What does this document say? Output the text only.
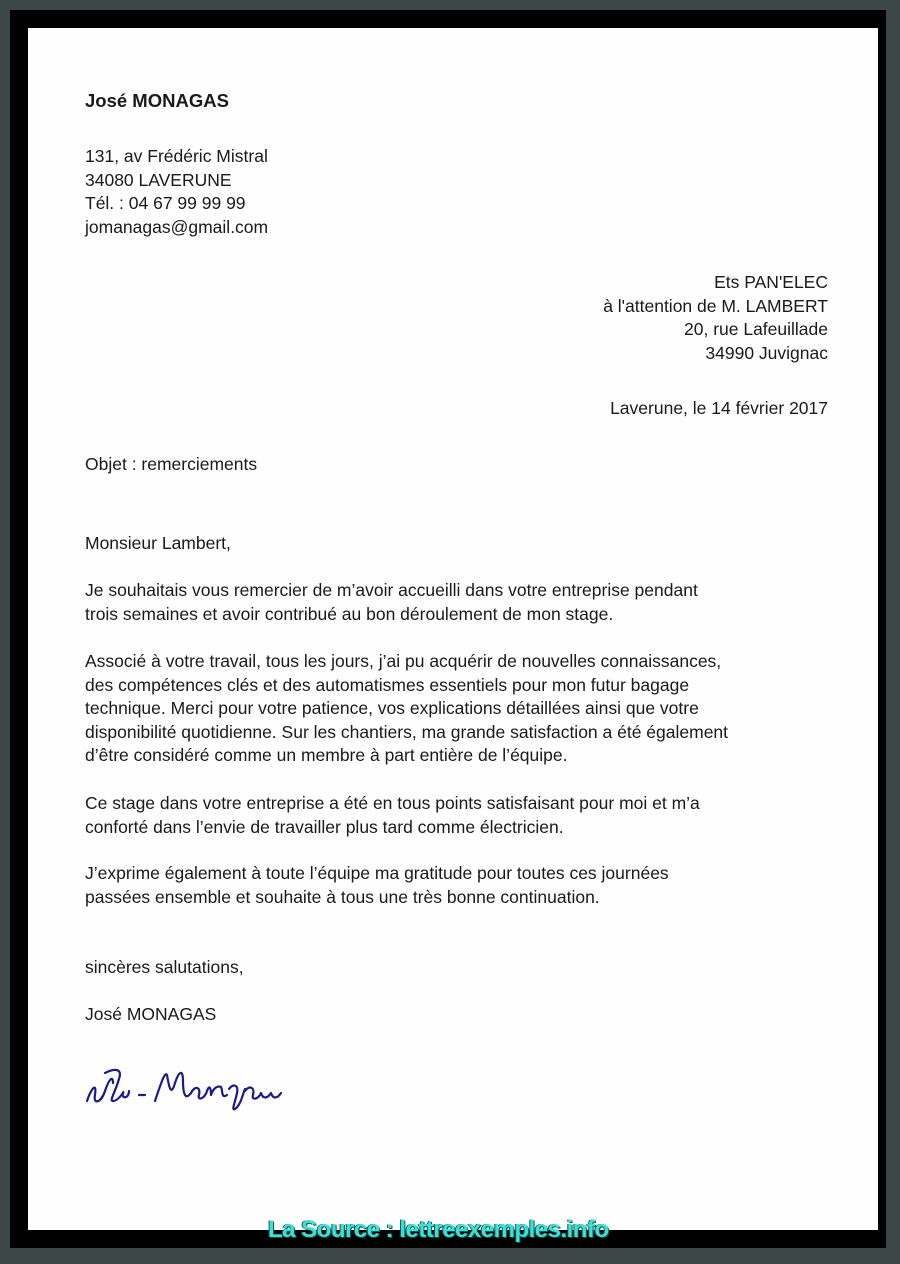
José MONAGAS
131, av Frédéric Mistral
34080 LAVERUNE
Tél. : 04 67 99 99 99
jomanagas@gmail.com
Ets PAN'ELEC
à l'attention de M. LAMBERT
20, rue Lafeuillade
34990 Juvignac
Laverune, le 14 février 2017
Objet : remerciements
Monsieur Lambert,
Je souhaitais vous remercier de m’avoir accueilli dans votre entreprise pendant
trois semaines et avoir contribué au bon déroulement de mon stage.
Associé à votre travail, tous les jours, j’ai pu acquérir de nouvelles connaissances,
des compétences clés et des automatismes essentiels pour mon futur bagage
technique. Merci pour votre patience, vos explications détaillées ainsi que votre
disponibilité quotidienne. Sur les chantiers, ma grande satisfaction a été également
d’être considéré comme un membre à part entière de l’équipe.
Ce stage dans votre entreprise a été en tous points satisfaisant pour moi et m’a
conforté dans l’envie de travailler plus tard comme électricien.
J’exprime également à toute l’équipe ma gratitude pour toutes ces journées
passées ensemble et souhaite à tous une très bonne continuation.
sincères salutations,
José MONAGAS
La Source : lettreexemples.info
